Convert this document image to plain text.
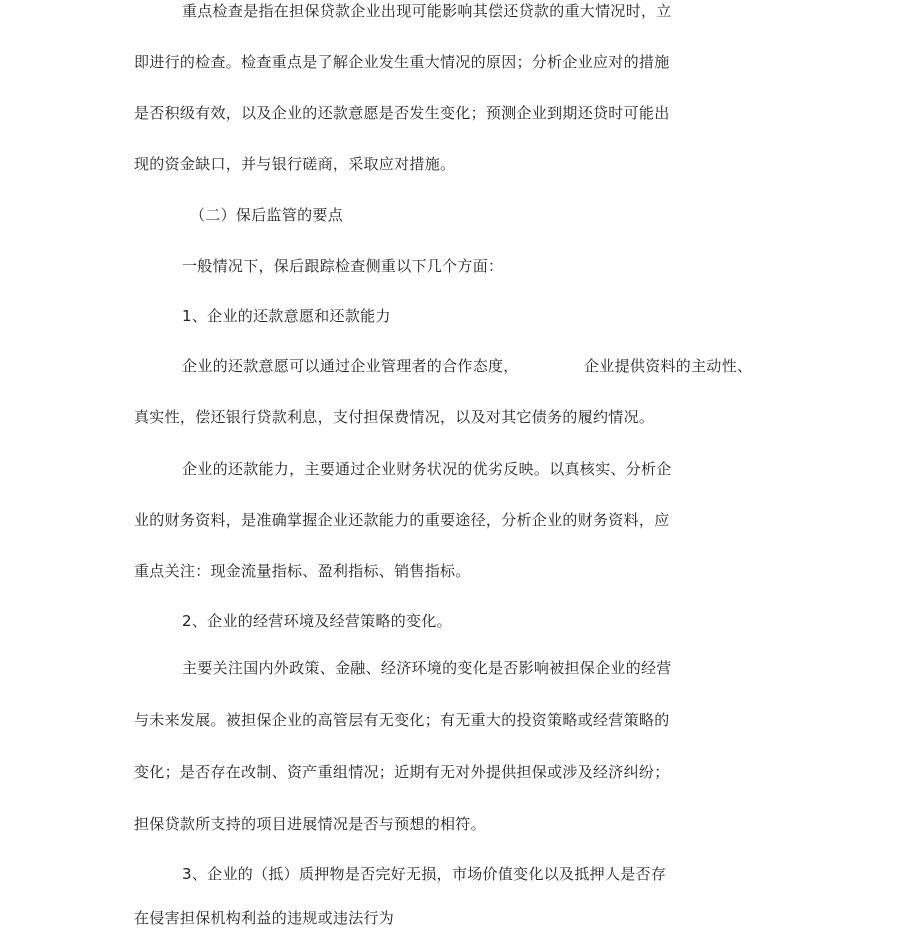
重点检查是指在担保贷款企业出现可能影响其偿还贷款的重大情况时，立
即进行的检查。检查重点是了解企业发生重大情况的原因；分析企业应对的措施
是否积级有效，以及企业的还款意愿是否发生变化；预测企业到期还贷时可能出
现的资金缺口，并与银行磋商，采取应对措施。
（二）保后监管的要点
一般情况下，保后跟踪检查侧重以下几个方面：
1、企业的还款意愿和还款能力
企业的还款意愿可以通过企业管理者的合作态度，	企业提供资料的主动性、
真实性，偿还银行贷款利息，支付担保费情况，以及对其它债务的履约情况。
企业的还款能力，主要通过企业财务状况的优劣反映。以真核实、分析企
业的财务资料，是准确掌握企业还款能力的重要途径，分析企业的财务资料，应
重点关注：现金流量指标、盈利指标、销售指标。
2、企业的经营环境及经营策略的变化。
主要关注国内外政策、金融、经济环境的变化是否影响被担保企业的经营
与未来发展。被担保企业的高管层有无变化；有无重大的投资策略或经营策略的
变化；是否存在改制、资产重组情况；近期有无对外提供担保或涉及经济纠纷；
担保贷款所支持的项目进展情况是否与预想的相符。
3、企业的（抵）质押物是否完好无损，市场价值变化以及抵押人是否存
在侵害担保机构利益的违规或违法行为
